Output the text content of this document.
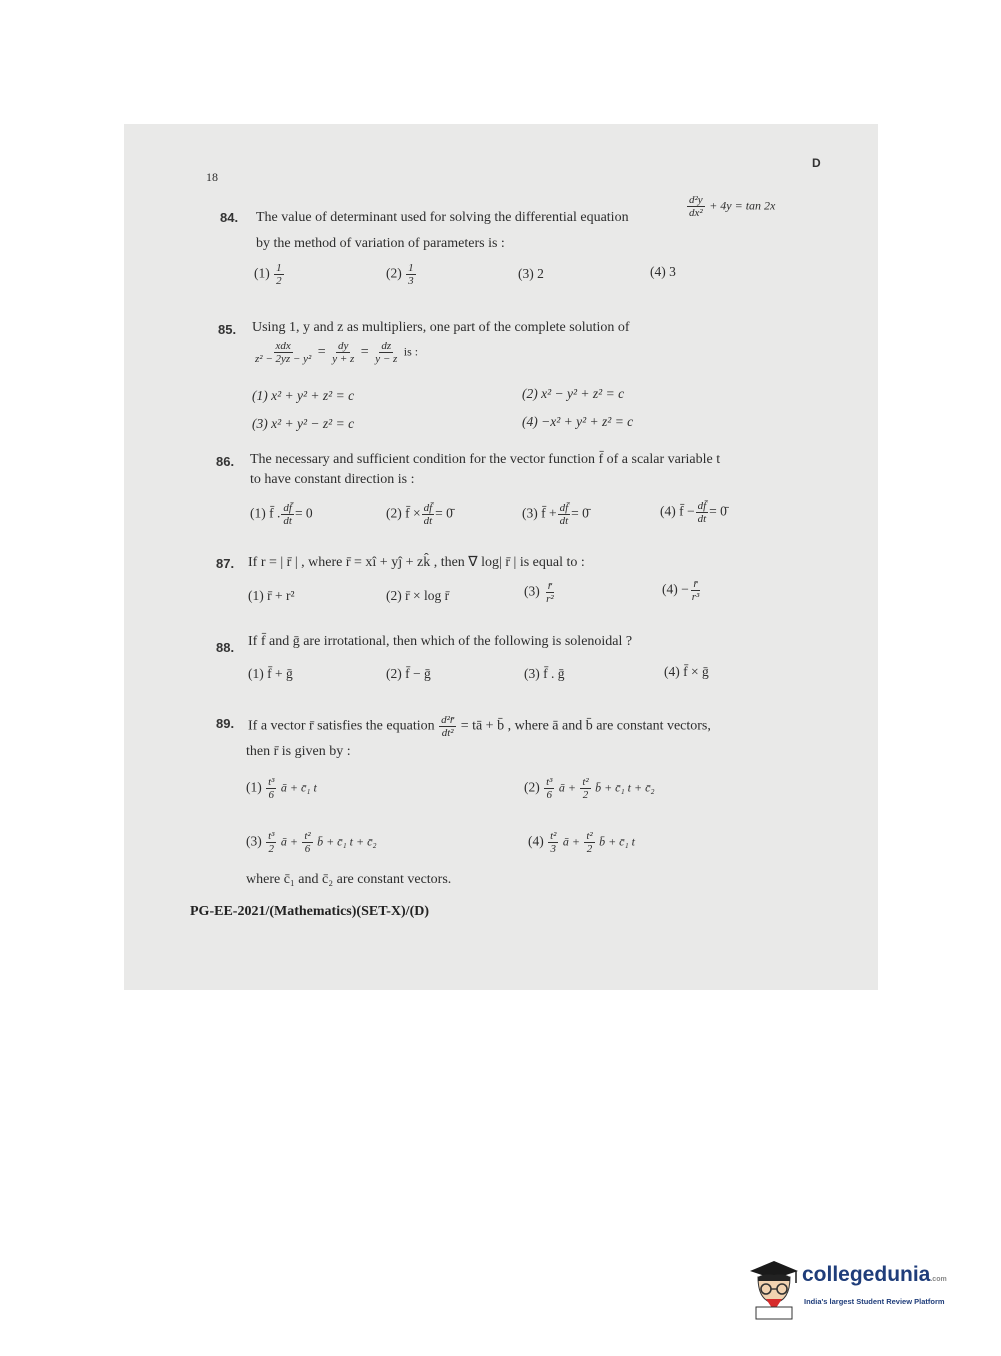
18
D
84. The value of determinant used for solving the differential equation	$\frac{\text{d²y}}{\text{dx²}} + 4y = \tan 2x$
by the method of variation of parameters is :
$(1) \frac{1}{2}$	$(2) \frac{1}{3}$	(3) 2	(4) 3
85. Using 1, y and z as multipliers, one part of the complete solution of
$\frac{\text{xdx}}{\text{z² − 2yz − y²}} = \frac{dy}{y + z} = \frac{dz}{y - z}$ is :
(1) x² + y² + z² = c	(2) x² − y² + z² = c
(3) x² + y² − z² = c	(4) −x² + y² + z² = c
86. The necessary and sufficient condition for the vector function f̄ of a scalar variable t
to have constant direction is :
(1) f̄ . $\frac{df̄}{dt} = 0$	(2) f̄ × $\frac{df̄}{dt}$ = 0̄	(3) f̄ + $\frac{df̄}{dt}$ = 0̄	(4) f̄ − $\frac{df̄}{dt}$ = 0̄
87. If r = | r̄ | , where r̄ = xî + yĵ + zk̂ , then ∇ log| r̄ | is equal to :
(1) r̄ + r²	(2) r̄ × log r̄	$(3) \frac{r̄}{\text{r²}}$	$(4) - \frac{r̄}{\text{r³}}$
88. If f̄ and ḡ are irrotational, then which of the following is solenoidal ?
(1) f̄ + ḡ	(2) f̄ − ḡ	(3) f̄ . ḡ	(4) f̄ × ḡ
89. If a vector r̄ satisfies the equation $\frac{\text{d²r̄}}{\text{dt²}}$ = tā + b̄ , where ā and b̄ are constant vectors,
then r̄ is given by :
$(1) \frac{\text{t³}}{6}$ ā + c̄₁ t	$(2) \frac{\text{t³}}{6}$ ā + $\frac{\text{t²}}{2}$ b̄ + c̄₁ t + c̄₂
$(3) \frac{\text{t³}}{2}$ ā + $\frac{\text{t²}}{6}$ b̄ + c̄₁ t + c̄₂	$(4) \frac{\text{t²}}{3}$ ā + $\frac{\text{t²}}{2}$ b̄ + c̄₁ t
where c̄₁ and c̄₂ are constant vectors.
PG-EE-2021/(Mathematics)(SET-X)/(D)
collegedunia.com
India's largest Student Review Platform
